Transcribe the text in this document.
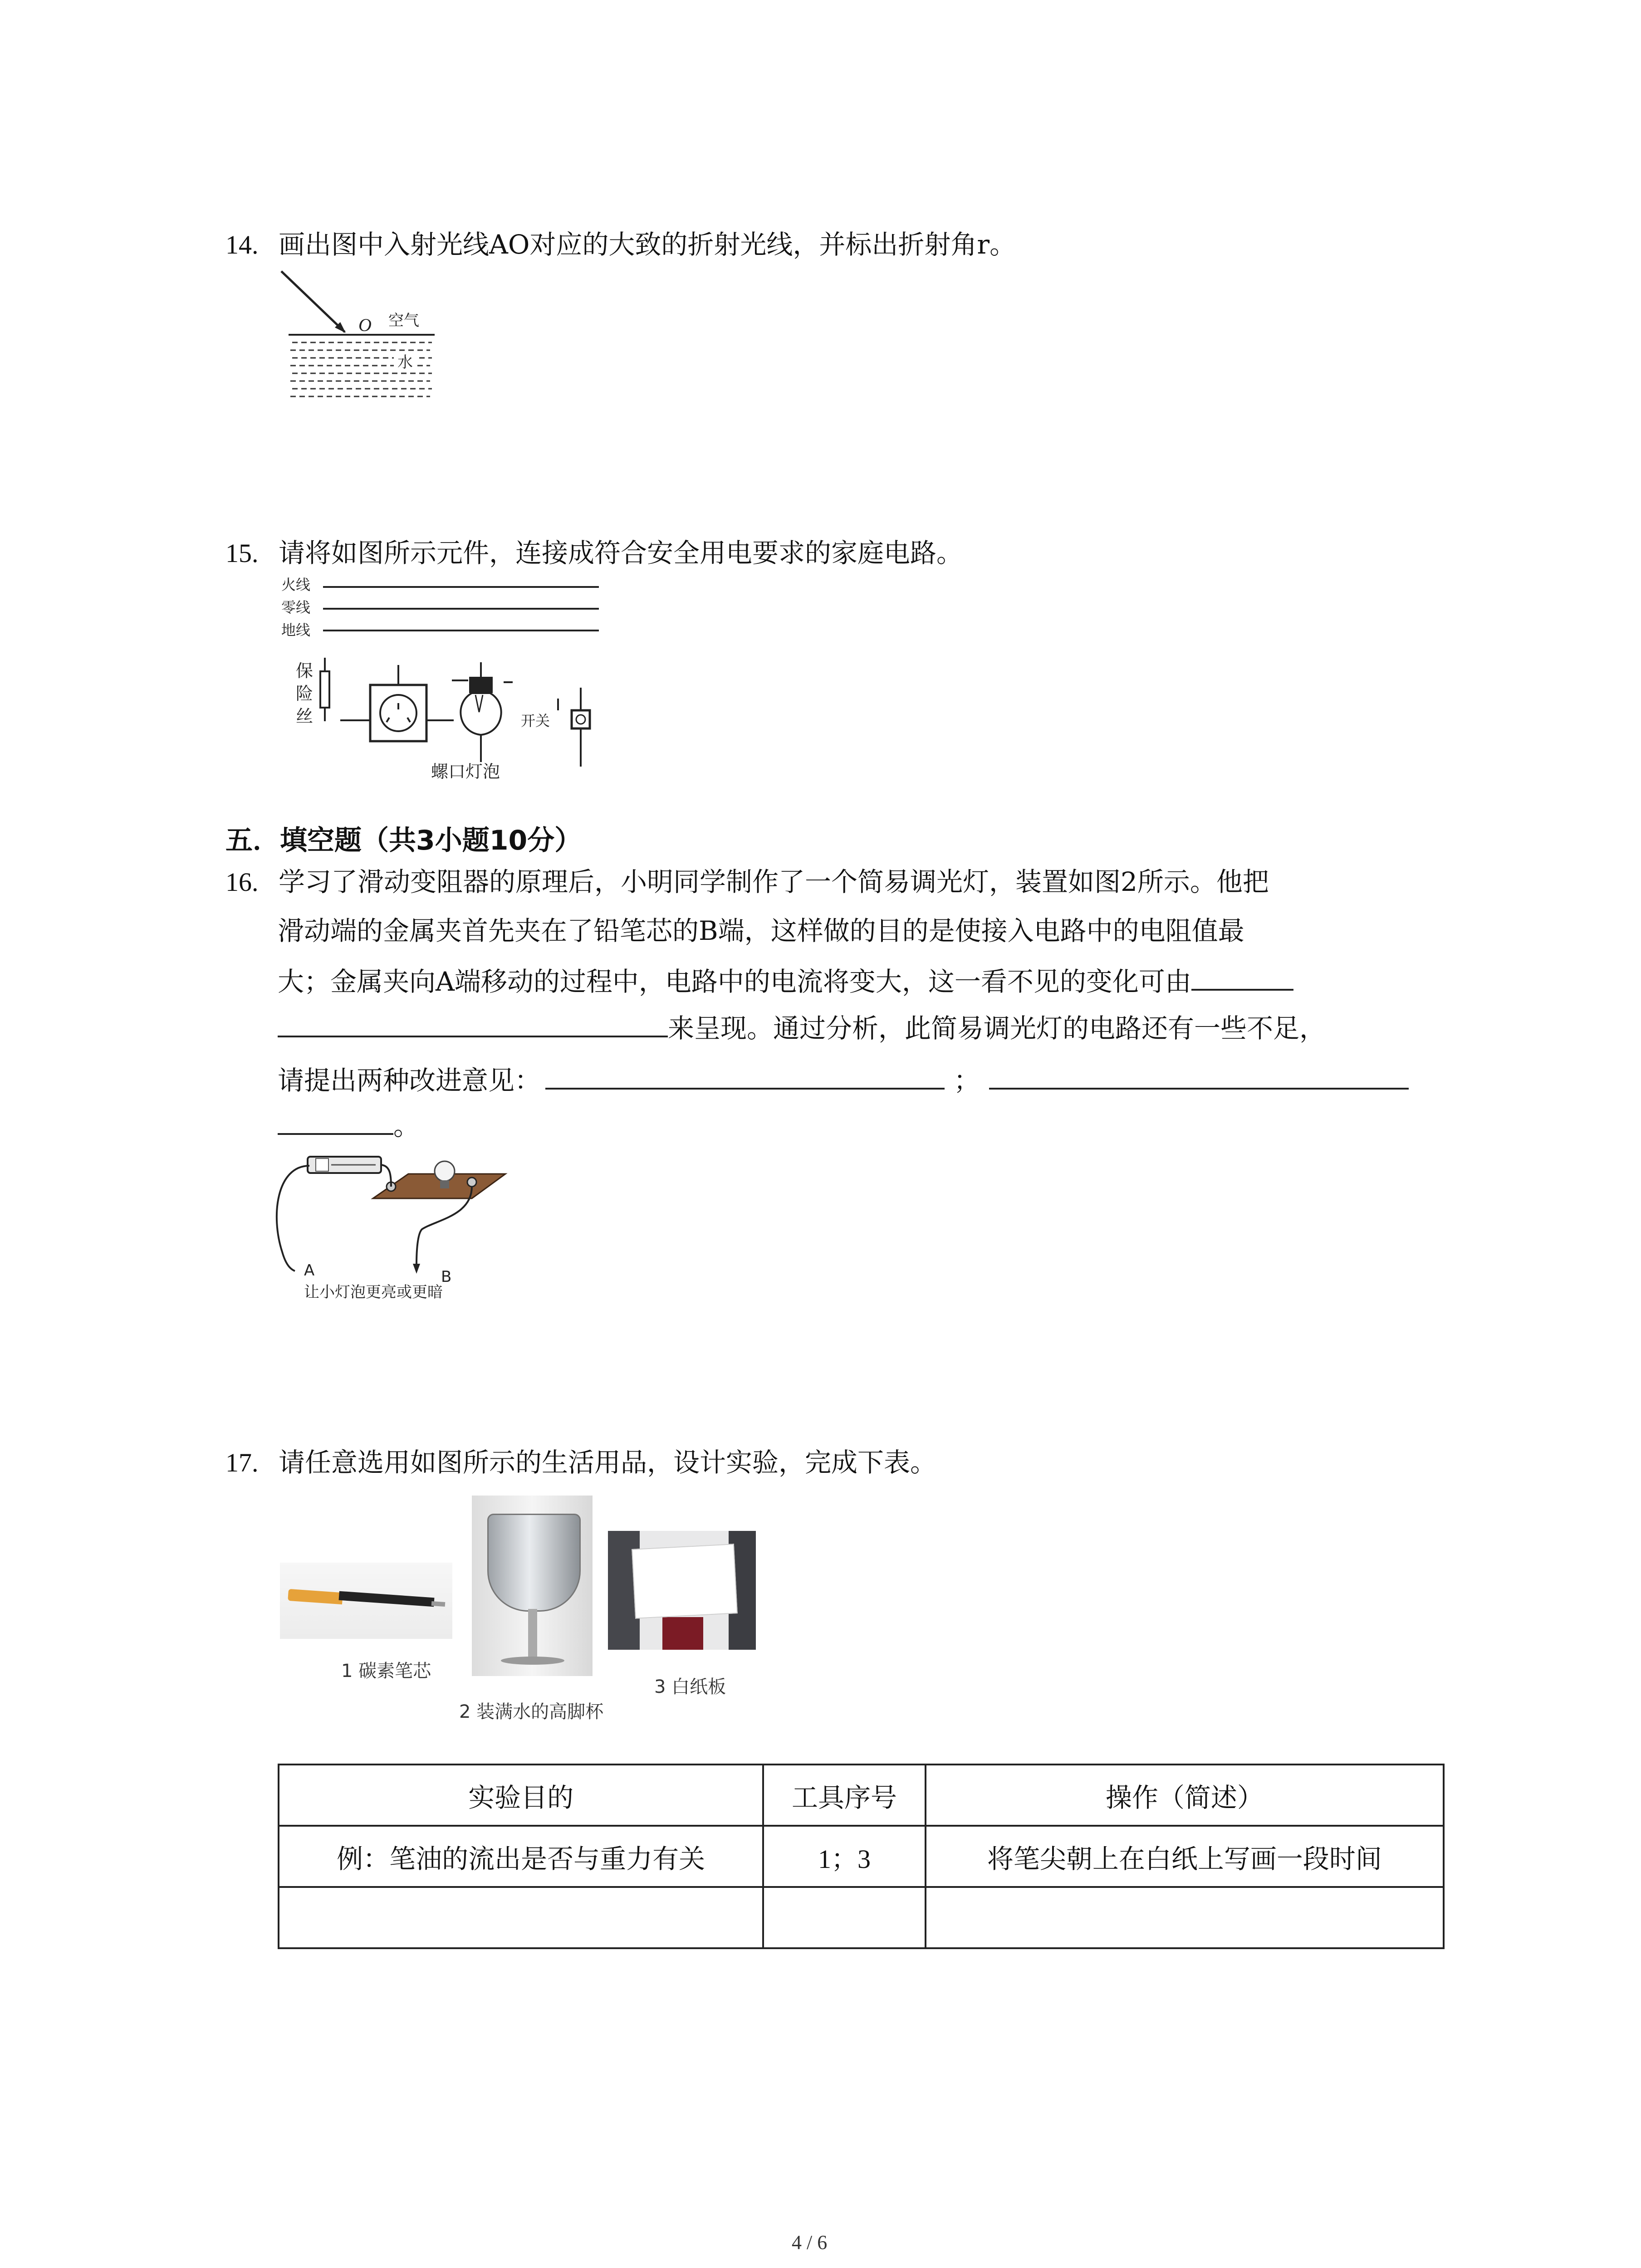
14. 画出图中入射光线AO对应的大致的折射光线，并标出折射角r。
O 空气
水
15. 请将如图所示元件，连接成符合安全用电要求的家庭电路。
火线
零线
地线
保
险
丝
螺口灯泡
开关
五．填空题（共3小题10分）
16. 学习了滑动变阻器的原理后，小明同学制作了一个简易调光灯，装置如图2所示。他把
滑动端的金属夹首先夹在了铅笔芯的B端，这样做的目的是使接入电路中的电阻值最
大；金属夹向A端移动的过程中，电路中的电流将变大，这一看不见的变化可由
来呈现。通过分析，此简易调光灯的电路还有一些不足，
请提出两种改进意见：	；
。
A	B
让小灯泡更亮或更暗
17. 请任意选用如图所示的生活用品，设计实验，完成下表。
1 碳素笔芯
2 装满水的高脚杯
3 白纸板
实验目的	工具序号	操作（简述）
例：笔油的流出是否与重力有关	1；3	将笔尖朝上在白纸上写画一段时间

4 / 6
